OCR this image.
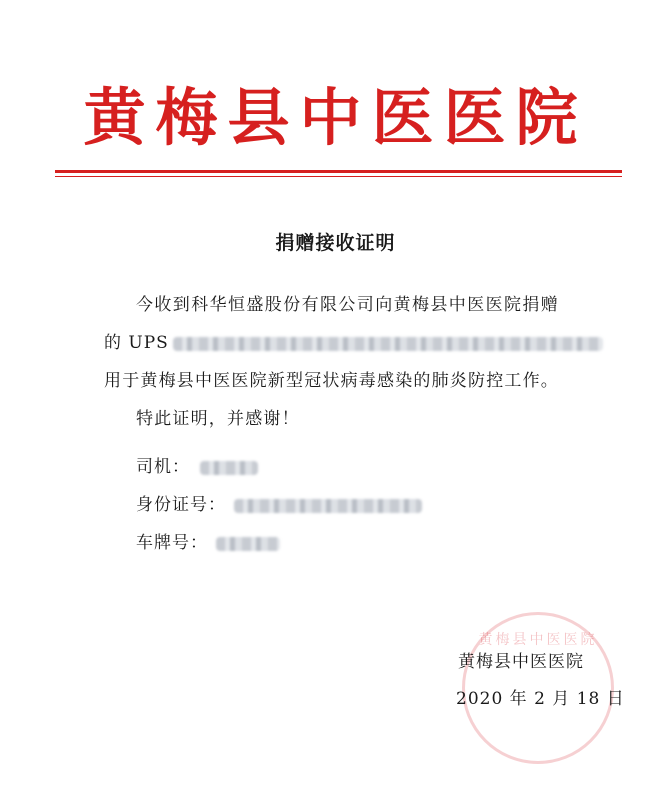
黄梅县中医医院
捐赠接收证明
今收到科华恒盛股份有限公司向黄梅县中医医院捐赠
的 UPS
用于黄梅县中医医院新型冠状病毒感染的肺炎防控工作。
特此证明，并感谢！
司机：
身份证号：
车牌号：
黄梅县中医医院
黄梅县中医医院
2020 年 2 月 18 日
